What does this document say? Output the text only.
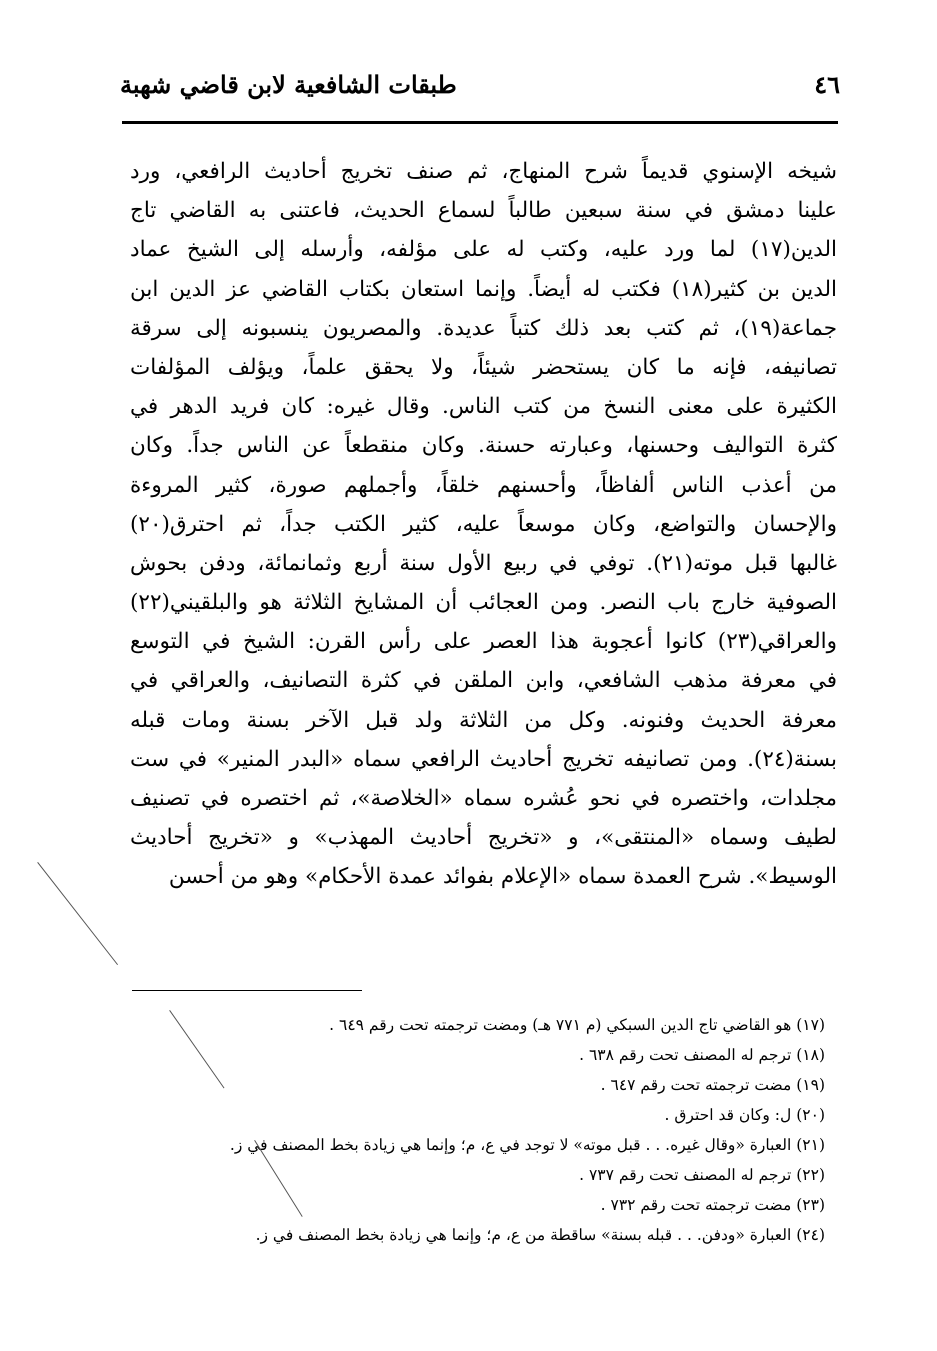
٤٦
طبقات الشافعية لابن قاضي شهبة
شيخه الإسنوي قديماً شرح المنهاج، ثم صنف تخريج أحاديث الرافعي، ورد
علينا دمشق في سنة سبعين طالباً لسماع الحديث، فاعتنى به القاضي تاج
الدين(١٧) لما ورد عليه، وكتب له على مؤلفه، وأرسله إلى الشيخ عماد
الدين بن كثير(١٨) فكتب له أيضاً. وإنما استعان بكتاب القاضي عز الدين ابن
جماعة(١٩)، ثم كتب بعد ذلك كتباً عديدة. والمصريون ينسبونه إلى سرقة
تصانيفه، فإنه ما كان يستحضر شيئاً، ولا يحقق علماً، ويؤلف المؤلفات
الكثيرة على معنى النسخ من كتب الناس. وقال غيره: كان فريد الدهر في
كثرة التواليف وحسنها، وعبارته حسنة. وكان منقطعاً عن الناس جداً. وكان
من أعذب الناس ألفاظاً، وأحسنهم خلقاً، وأجملهم صورة، كثير المروءة
والإحسان والتواضع، وكان موسعاً عليه، كثير الكتب جداً، ثم احترق(٢٠)
غالبها قبل موته(٢١). توفي في ربيع الأول سنة أربع وثمانمائة، ودفن بحوش
الصوفية خارج باب النصر. ومن العجائب أن المشايخ الثلاثة هو والبلقيني(٢٢)
والعراقي(٢٣) كانوا أعجوبة هذا العصر على رأس القرن: الشيخ في التوسع
في معرفة مذهب الشافعي، وابن الملقن في كثرة التصانيف، والعراقي في
معرفة الحديث وفنونه. وكل من الثلاثة ولد قبل الآخر بسنة ومات قبله
بسنة(٢٤). ومن تصانيفه تخريج أحاديث الرافعي سماه «البدر المنير» في ست
مجلدات، واختصره في نحو عُشره سماه «الخلاصة»، ثم اختصره في تصنيف
لطيف وسماه «المنتقى»، و «تخريج أحاديث المهذب» و «تخريج أحاديث
الوسيط». شرح العمدة سماه «الإعلام بفوائد عمدة الأحكام» وهو من أحسن
(١٧) هو القاضي تاج الدين السبكي (م ٧٧١ هـ) ومضت ترجمته تحت رقم ٦٤٩ .
(١٨) ترجم له المصنف تحت رقم ٦٣٨ .
(١٩) مضت ترجمته تحت رقم ٦٤٧ .
(٢٠) ل: وكان قد احترق .
(٢١) العبارة «وقال غيره. . . قبل موته» لا توجد في ع، م؛ وإنما هي زيادة بخط المصنف في ز.
(٢٢) ترجم له المصنف تحت رقم ٧٣٧ .
(٢٣) مضت ترجمته تحت رقم ٧٣٢ .
(٢٤) العبارة «ودفن. . . قبله بسنة» ساقطة من ع، م؛ وإنما هي زيادة بخط المصنف في ز.
